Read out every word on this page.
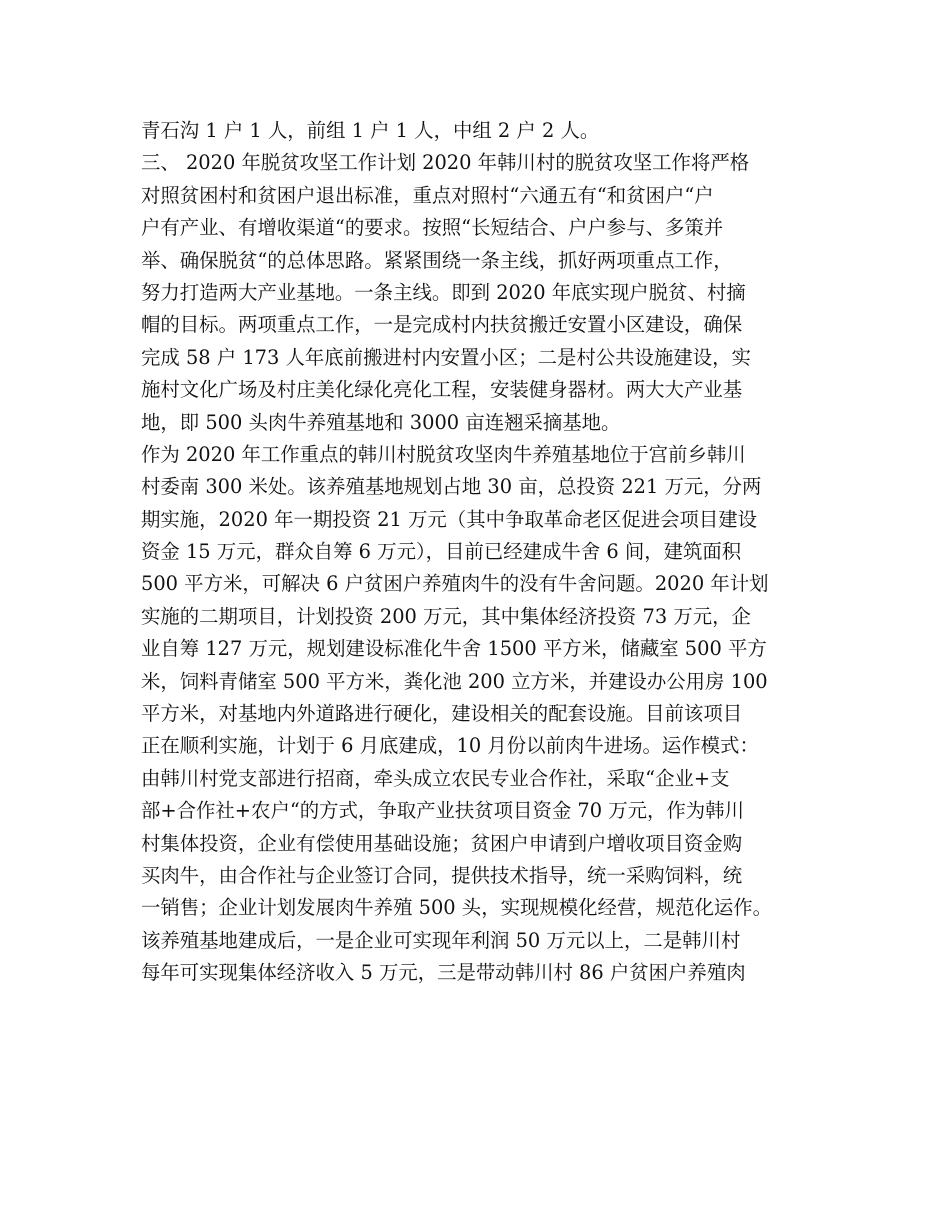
青石沟 1 户 1 人，前组 1 户 1 人，中组 2 户 2 人。
三、 2020 年脱贫攻坚工作计划 2020 年韩川村的脱贫攻坚工作将严格
对照贫困村和贫困户退出标准，重点对照村“六通五有“和贫困户“户
户有产业、有增收渠道“的要求。按照“长短结合、户户参与、多策并
举、确保脱贫“的总体思路。紧紧围绕一条主线，抓好两项重点工作，
努力打造两大产业基地。一条主线。即到 2020 年底实现户脱贫、村摘
帽的目标。两项重点工作，一是完成村内扶贫搬迁安置小区建设，确保
完成 58 户 173 人年底前搬进村内安置小区；二是村公共设施建设，实
施村文化广场及村庄美化绿化亮化工程，安装健身器材。两大大产业基
地，即 500 头肉牛养殖基地和 3000 亩连翘采摘基地。
作为 2020 年工作重点的韩川村脱贫攻坚肉牛养殖基地位于宫前乡韩川
村委南 300 米处。该养殖基地规划占地 30 亩，总投资 221 万元，分两
期实施，2020 年一期投资 21 万元（其中争取革命老区促进会项目建设
资金 15 万元，群众自筹 6 万元），目前已经建成牛舍 6 间，建筑面积
500 平方米，可解决 6 户贫困户养殖肉牛的没有牛舍问题。2020 年计划
实施的二期项目，计划投资 200 万元，其中集体经济投资 73 万元，企
业自筹 127 万元，规划建设标准化牛舍 1500 平方米，储藏室 500 平方
米，饲料青储室 500 平方米，粪化池 200 立方米，并建设办公用房 100
平方米，对基地内外道路进行硬化，建设相关的配套设施。目前该项目
正在顺利实施，计划于 6 月底建成，10 月份以前肉牛进场。运作模式：
由韩川村党支部进行招商，牵头成立农民专业合作社，采取“企业+支
部+合作社+农户“的方式，争取产业扶贫项目资金 70 万元，作为韩川
村集体投资，企业有偿使用基础设施；贫困户申请到户增收项目资金购
买肉牛，由合作社与企业签订合同，提供技术指导，统一采购饲料，统
一销售；企业计划发展肉牛养殖 500 头，实现规模化经营，规范化运作。
该养殖基地建成后，一是企业可实现年利润 50 万元以上，二是韩川村
每年可实现集体经济收入 5 万元，三是带动韩川村 86 户贫困户养殖肉
